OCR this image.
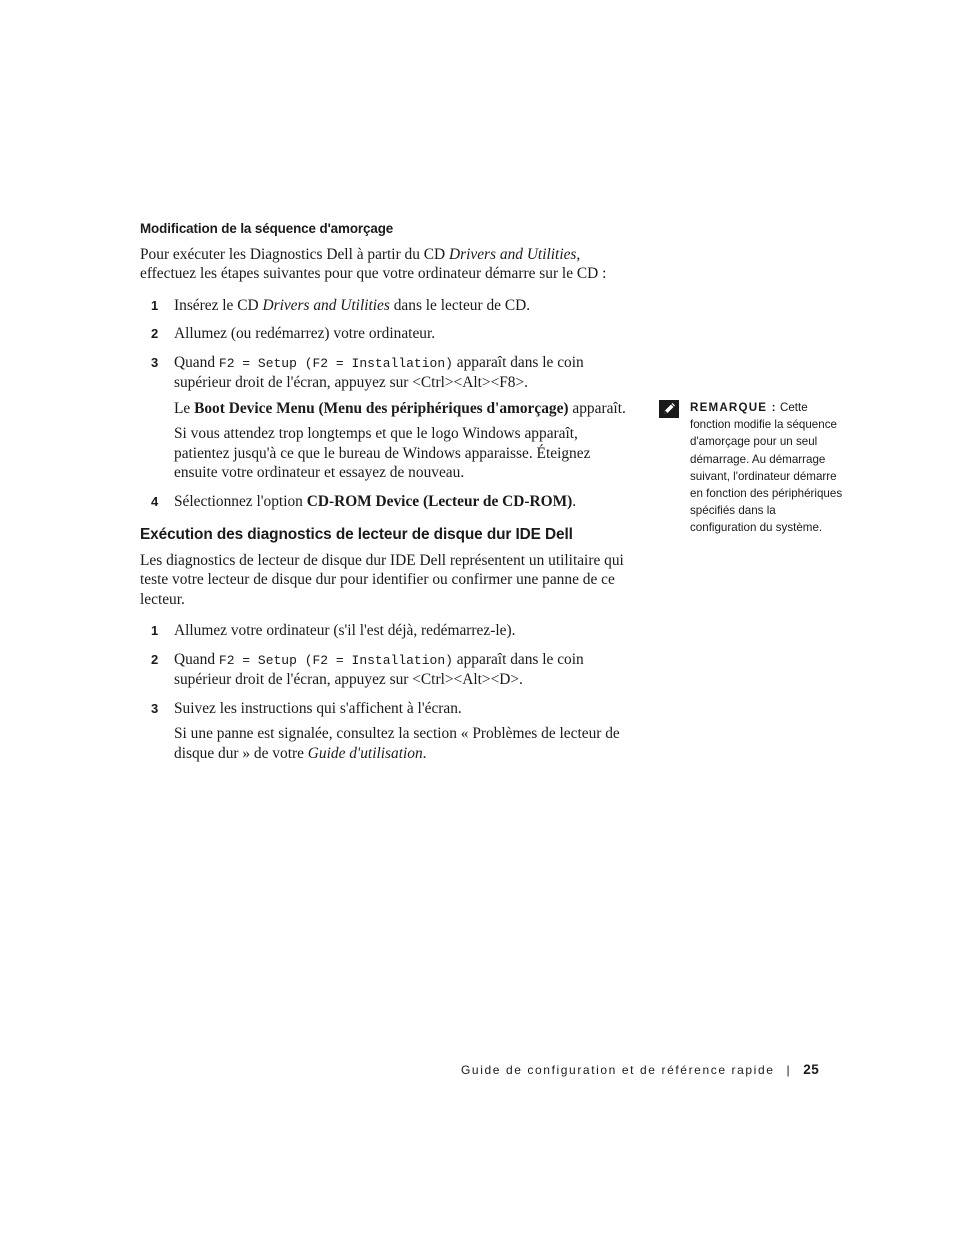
Modification de la séquence d'amorçage

Pour exécuter les Diagnostics Dell à partir du CD Drivers and Utilities, effectuez les étapes suivantes pour que votre ordinateur démarre sur le CD :

1 Insérez le CD Drivers and Utilities dans le lecteur de CD.
2 Allumez (ou redémarrez) votre ordinateur.
3 Quand F2 = Setup (F2 = Installation) apparaît dans le coin supérieur droit de l'écran, appuyez sur <Ctrl><Alt><F8>.

Le Boot Device Menu (Menu des périphériques d'amorçage) apparaît.

Si vous attendez trop longtemps et que le logo Windows apparaît, patientez jusqu'à ce que le bureau de Windows apparaisse. Éteignez ensuite votre ordinateur et essayez de nouveau.

4 Sélectionnez l'option CD-ROM Device (Lecteur de CD-ROM).
Exécution des diagnostics de lecteur de disque dur IDE Dell

Les diagnostics de lecteur de disque dur IDE Dell représentent un utilitaire qui teste votre lecteur de disque dur pour identifier ou confirmer une panne de ce lecteur.

1 Allumez votre ordinateur (s'il l'est déjà, redémarrez-le).
2 Quand F2 = Setup (F2 = Installation) apparaît dans le coin supérieur droit de l'écran, appuyez sur <Ctrl><Alt><D>.
3 Suivez les instructions qui s'affichent à l'écran.

Si une panne est signalée, consultez la section « Problèmes de lecteur de disque dur » de votre Guide d'utilisation.

REMARQUE : Cette fonction modifie la séquence d'amorçage pour un seul démarrage. Au démarrage suivant, l'ordinateur démarre en fonction des périphériques spécifiés dans la configuration du système.
Guide de configuration et de référence rapide | 25
